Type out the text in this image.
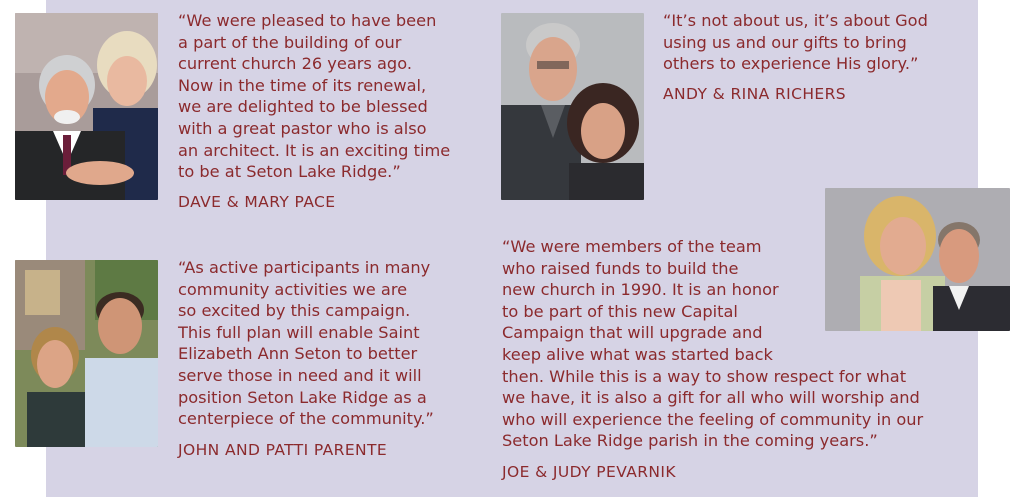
“We were pleased to have been
a part of the building of our
current church 26 years ago.
Now in the time of its renewal,
we are delighted to be blessed
with a great pastor who is also
an architect. It is an exciting time
to be at Seton Lake Ridge.”

DAVE & MARY PACE

“It’s not about us, it’s about God
using us and our gifts to bring
others to experience His glory.”

ANDY & RINA RICHERS

“As active participants in many
community activities we are
so excited by this campaign.
This full plan will enable Saint
Elizabeth Ann Seton to better
serve those in need and it will
position Seton Lake Ridge as a
centerpiece of the community.”

JOHN AND PATTI PARENTE

“We were members of the team
who raised funds to build the
new church in 1990. It is an honor
to be part of this new Capital
Campaign that will upgrade and
keep alive what was started back
then. While this is a way to show respect for what
we have, it is also a gift for all who will worship and
who will experience the feeling of community in our
Seton Lake Ridge parish in the coming years.”

JOE & JUDY PEVARNIK
